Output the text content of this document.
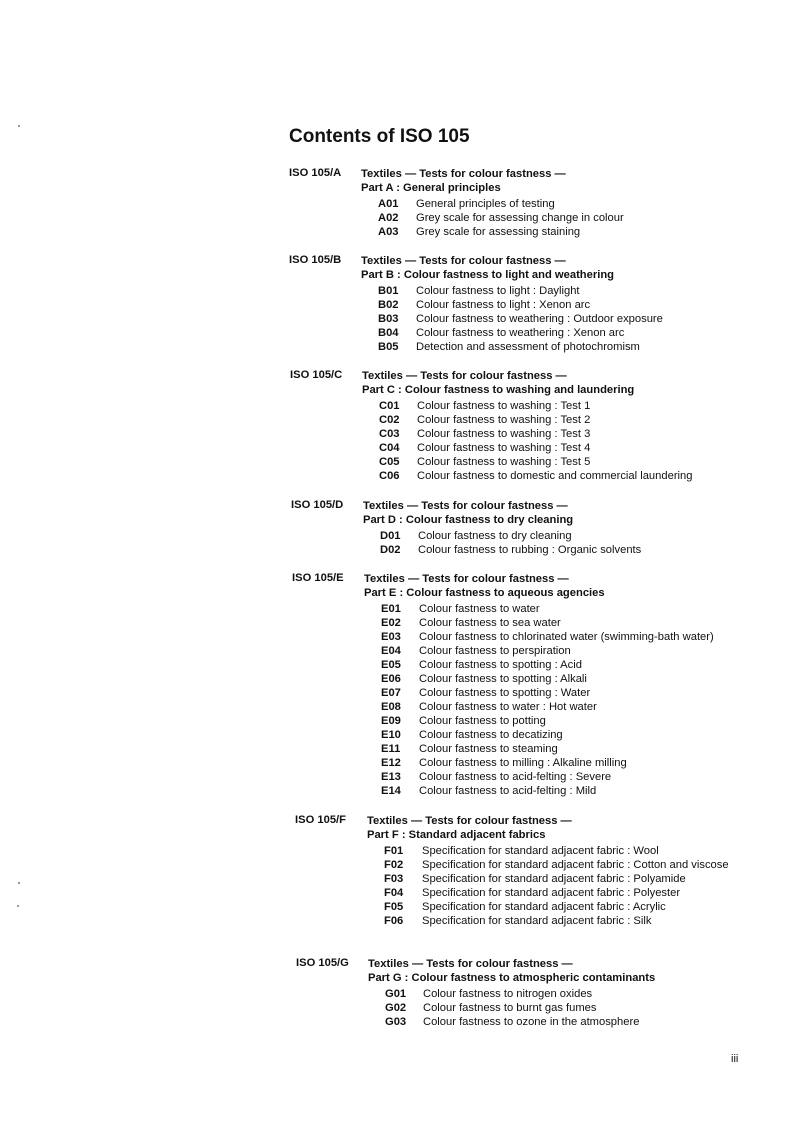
Contents of ISO 105
ISO 105/A Textiles — Tests for colour fastness —
Part A : General principles
A01	General principles of testing
A02	Grey scale for assessing change in colour
A03	Grey scale for assessing staining
ISO 105/B Textiles — Tests for colour fastness —
Part B : Colour fastness to light and weathering
B01	Colour fastness to light : Daylight
B02	Colour fastness to light : Xenon arc
B03	Colour fastness to weathering : Outdoor exposure
B04	Colour fastness to weathering : Xenon arc
B05	Detection and assessment of photochromism
ISO 105/C Textiles — Tests for colour fastness —
Part C : Colour fastness to washing and laundering
C01	Colour fastness to washing : Test 1
C02	Colour fastness to washing : Test 2
C03	Colour fastness to washing : Test 3
C04	Colour fastness to washing : Test 4
C05	Colour fastness to washing : Test 5
C06	Colour fastness to domestic and commercial laundering
ISO 105/D Textiles — Tests for colour fastness —
Part D : Colour fastness to dry cleaning
D01	Colour fastness to dry cleaning
D02	Colour fastness to rubbing : Organic solvents
ISO 105/E Textiles — Tests for colour fastness —
Part E : Colour fastness to aqueous agencies
E01	Colour fastness to water
E02	Colour fastness to sea water
E03	Colour fastness to chlorinated water (swimming-bath water)
E04	Colour fastness to perspiration
E05	Colour fastness to spotting : Acid
E06	Colour fastness to spotting : Alkali
E07	Colour fastness to spotting : Water
E08	Colour fastness to water : Hot water
E09	Colour fastness to potting
E10	Colour fastness to decatizing
E11	Colour fastness to steaming
E12	Colour fastness to milling : Alkaline milling
E13	Colour fastness to acid-felting : Severe
E14	Colour fastness to acid-felting : Mild
ISO 105/F Textiles — Tests for colour fastness —
Part F : Standard adjacent fabrics
F01	Specification for standard adjacent fabric : Wool
F02	Specification for standard adjacent fabric : Cotton and viscose
F03	Specification for standard adjacent fabric : Polyamide
F04	Specification for standard adjacent fabric : Polyester
F05	Specification for standard adjacent fabric : Acrylic
F06	Specification for standard adjacent fabric : Silk
ISO 105/G Textiles — Tests for colour fastness —
Part G : Colour fastness to atmospheric contaminants
G01	Colour fastness to nitrogen oxides
G02	Colour fastness to burnt gas fumes
G03	Colour fastness to ozone in the atmosphere
iii
